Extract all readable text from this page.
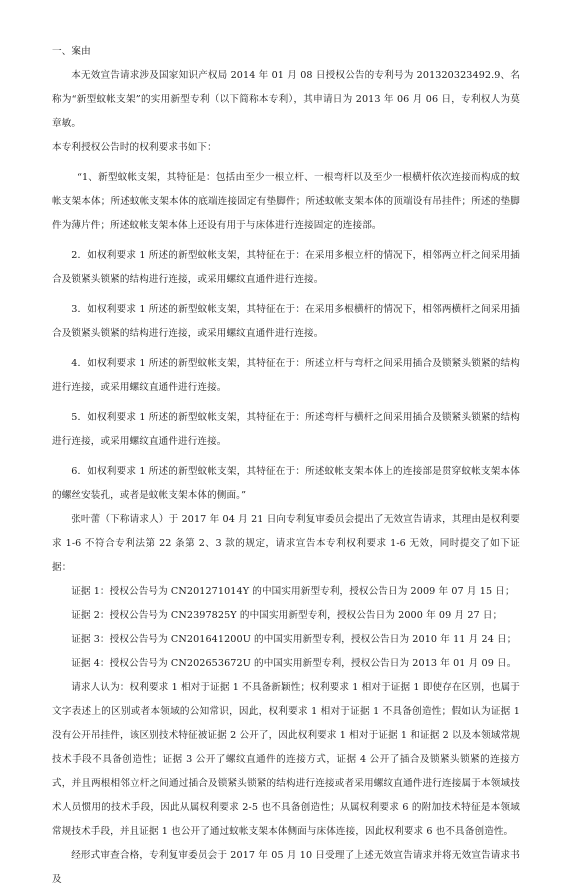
一、案由

本无效宣告请求涉及国家知识产权局 2014 年 01 月 08 日授权公告的专利号为 201320323492.9、名称为“新型蚊帐支架”的实用新型专利（以下简称本专利），其申请日为 2013 年 06 月 06 日，专利权人为莫章敏。

本专利授权公告时的权利要求书如下：

“1、新型蚊帐支架，其特征是：包括由至少一根立杆、一根弯杆以及至少一根横杆依次连接而构成的蚊帐支架本体；所述蚊帐支架本体的底端连接固定有垫脚件；所述蚊帐支架本体的顶端设有吊挂件；所述的垫脚件为薄片件；所述蚊帐支架本体上还设有用于与床体进行连接固定的连接部。

2．如权利要求 1 所述的新型蚊帐支架，其特征在于：在采用多根立杆的情况下，相邻两立杆之间采用插合及锁紧头锁紧的结构进行连接，或采用螺纹直通件进行连接。

3．如权利要求 1 所述的新型蚊帐支架，其特征在于：在采用多根横杆的情况下，相邻两横杆之间采用插合及锁紧头锁紧的结构进行连接，或采用螺纹直通件进行连接。

4．如权利要求 1 所述的新型蚊帐支架，其特征在于：所述立杆与弯杆之间采用插合及锁紧头锁紧的结构进行连接，或采用螺纹直通件进行连接。

5．如权利要求 1 所述的新型蚊帐支架，其特征在于：所述弯杆与横杆之间采用插合及锁紧头锁紧的结构进行连接，或采用螺纹直通件进行连接。

6．如权利要求 1 所述的新型蚊帐支架，其特征在于：所述蚊帐支架本体上的连接部是贯穿蚊帐支架本体的螺丝安装孔，或者是蚊帐支架本体的侧面。”

张叶蕾（下称请求人）于 2017 年 04 月 21 日向专利复审委员会提出了无效宣告请求，其理由是权利要求 1-6 不符合专利法第 22 条第 2、3 款的规定，请求宣告本专利权利要求 1-6 无效，同时提交了如下证据：

证据 1：授权公告号为 CN201271014Y 的中国实用新型专利，授权公告日为 2009 年 07 月 15 日；

证据 2：授权公告号为 CN2397825Y 的中国实用新型专利，授权公告日为 2000 年 09 月 27 日；

证据 3：授权公告号为 CN201641200U 的中国实用新型专利，授权公告日为 2010 年 11 月 24 日；

证据 4：授权公告号为 CN202653672U 的中国实用新型专利，授权公告日为 2013 年 01 月 09 日。

请求人认为：权利要求 1 相对于证据 1 不具备新颖性；权利要求 1 相对于证据 1 即使存在区别，也属于文字表述上的区别或者本领域的公知常识，因此，权利要求 1 相对于证据 1 不具备创造性；假如认为证据 1 没有公开吊挂件，该区别技术特征被证据 2 公开了，因此权利要求 1 相对于证据 1 和证据 2 以及本领域常规技术手段不具备创造性；证据 3 公开了螺纹直通件的连接方式，证据 4 公开了插合及锁紧头锁紧的连接方式，并且两根相邻立杆之间通过插合及锁紧头锁紧的结构进行连接或者采用螺纹直通件进行连接属于本领域技术人员惯用的技术手段，因此从属权利要求 2-5 也不具备创造性；从属权利要求 6 的附加技术特征是本领域常规技术手段，并且证据 1 也公开了通过蚊帐支架本体侧面与床体连接，因此权利要求 6 也不具备创造性。

经形式审查合格，专利复审委员会于 2017 年 05 月 10 日受理了上述无效宣告请求并将无效宣告请求书及
